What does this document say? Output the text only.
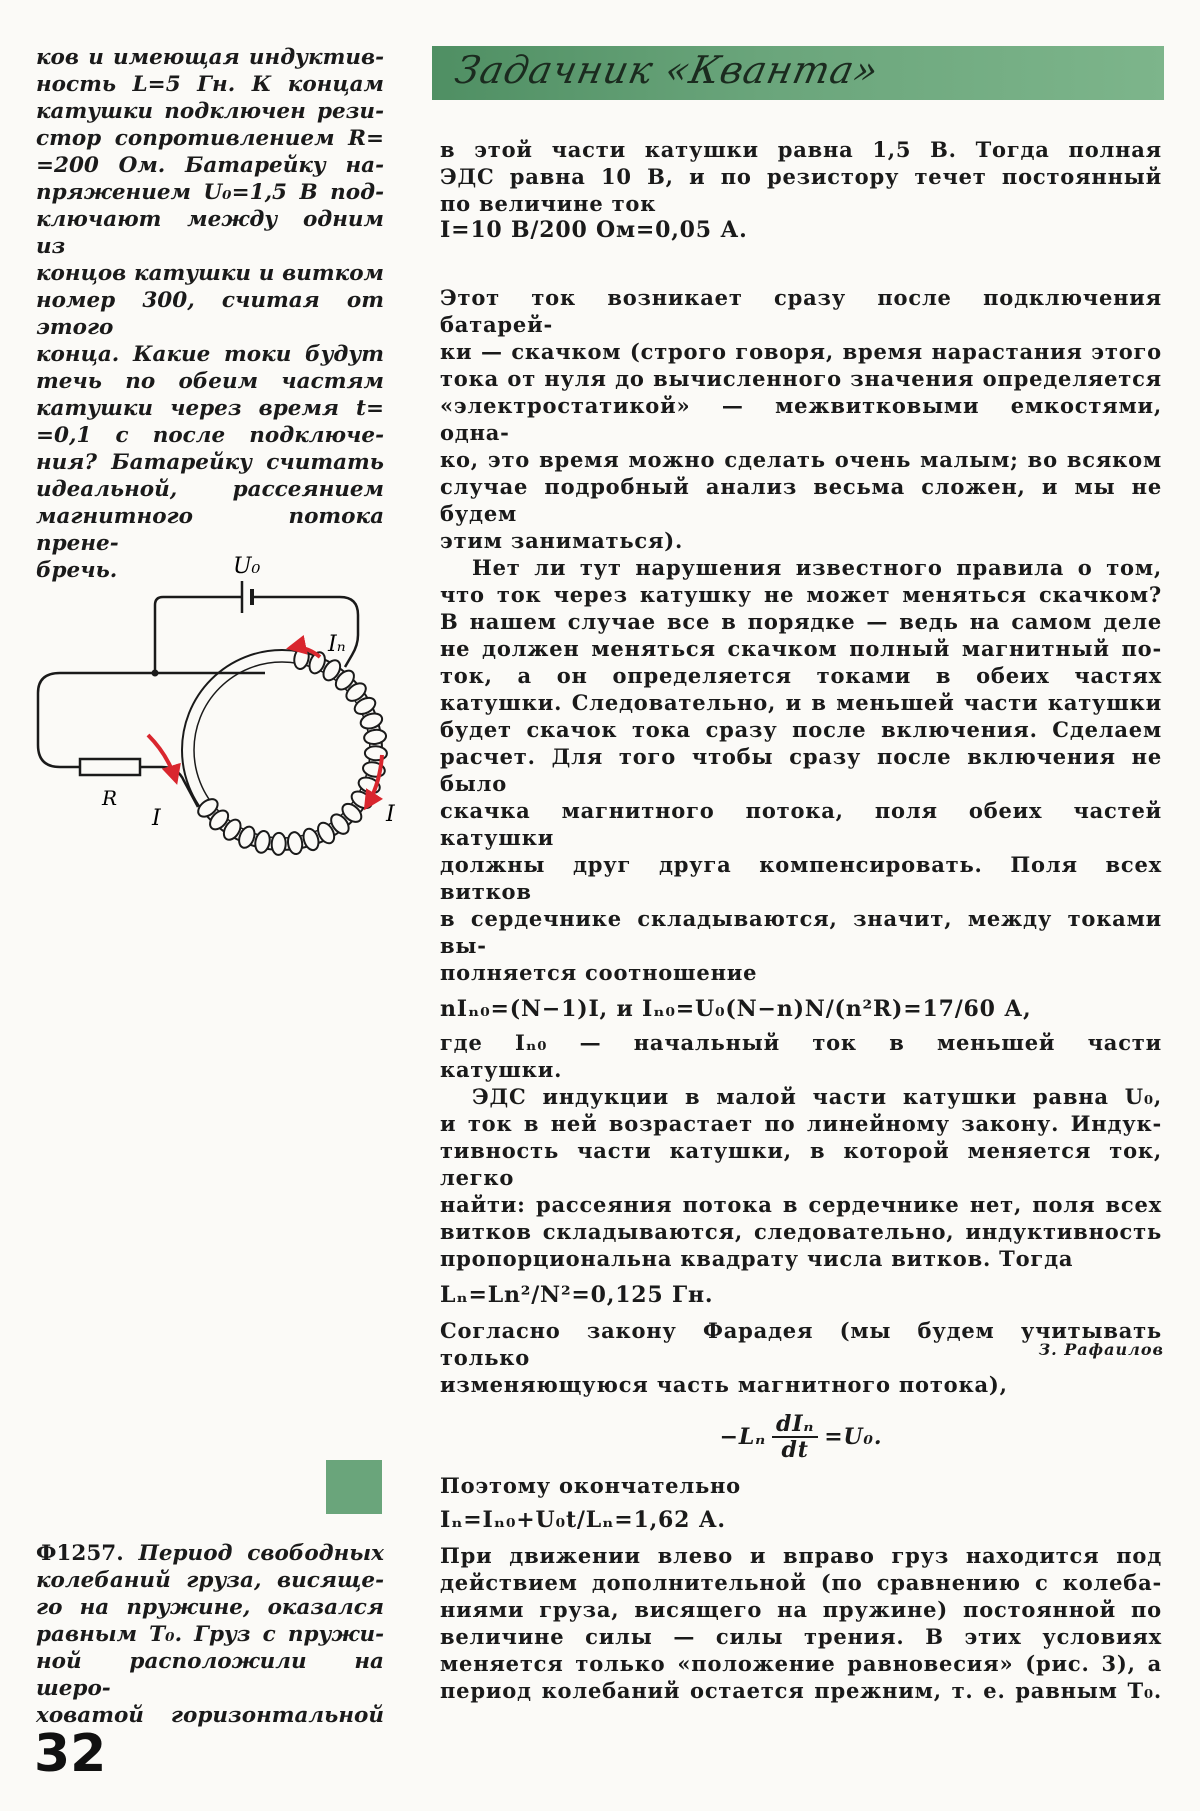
ков и имеющая индуктив-
ность L=5 Гн. К концам
катушки подключен рези-
стор сопротивлением R=
=200 Ом. Батарейку на-
пряжением U₀=1,5 В под-
ключают между одним из
концов катушки и витком
номер 300, считая от этого
конца. Какие токи будут
течь по обеим частям
катушки через время t=
=0,1 с после подключе-
ния? Батарейку считать
идеальной, рассеянием
магнитного потока прене-
бречь.
Задачник «Кванта»
U₀
Iₙ
R
I	I

в этой части катушки равна 1,5 В. Тогда полная
ЭДС равна 10 В, и по резистору течет постоянный
по величине ток

I=10 В/200 Ом=0,05 А.

Этот ток возникает сразу после подключения батарей-
ки — скачком (строго говоря, время нарастания этого
тока от нуля до вычисленного значения определяется
«электростатикой» — межвитковыми емкостями, одна-
ко, это время можно сделать очень малым; во всяком
случае подробный анализ весьма сложен, и мы не будем
этим заниматься).

Нет ли тут нарушения известного правила о том,
что ток через катушку не может меняться скачком?
В нашем случае все в порядке — ведь на самом деле
не должен меняться скачком полный магнитный по-
ток, а он определяется токами в обеих частях
катушки. Следовательно, и в меньшей части катушки
будет скачок тока сразу после включения. Сделаем
расчет. Для того чтобы сразу после включения не было
скачка магнитного потока, поля обеих частей катушки
должны друг друга компенсировать. Поля всех витков
в сердечнике складываются, значит, между токами вы-
полняется соотношение

nIₙ₀=(N−1)I, и Iₙ₀=U₀(N−n)N/(n²R)=17/60 А,

где Iₙ₀ — начальный ток в меньшей части
катушки.

ЭДС индукции в малой части катушки равна U₀,
и ток в ней возрастает по линейному закону. Индук-
тивность части катушки, в которой меняется ток, легко
найти: рассеяния потока в сердечнике нет, поля всех
витков складываются, следовательно, индуктивность
пропорциональна квадрату числа витков. Тогда

Lₙ=Ln²/N²=0,125 Гн.

Согласно закону Фарадея (мы будем учитывать только
изменяющуюся часть магнитного потока),

−Lₙ dIₙ
dt
=U₀.

Поэтому окончательно

Iₙ=Iₙ₀+U₀t/Lₙ=1,62 А.

З. Рафаилов
Ф1257. Период свободных
колебаний груза, висяще-
го на пружине, оказался
равным T₀. Груз с пружи-
ной расположили на шеро-
ховатой горизонтальной

При движении влево и вправо груз находится под
действием дополнительной (по сравнению с колеба-
ниями груза, висящего на пружине) постоянной по
величине силы — силы трения. В этих условиях
меняется только «положение равновесия» (рис. 3), а
период колебаний остается прежним, т. е. равным T₀.

32
